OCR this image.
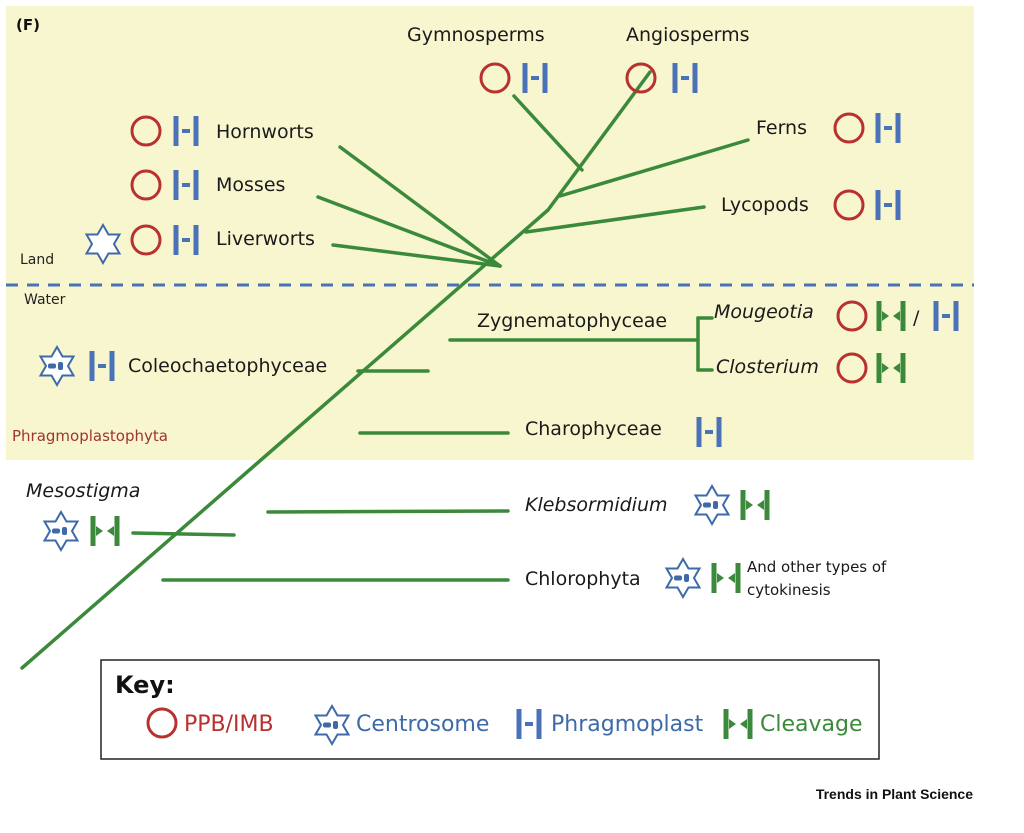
(F)
Land
Water
Phragmoplastophyta
Gymnosperms	Angiosperms
Hornworts
Mosses
Liverworts
Ferns
Lycopods
Zygnematophyceae Mougeotia	/
Closterium
Coleochaetophyceae
Charophyceae
Mesostigma
Klebsormidium
Chlorophyta
And other types of
cytokinesis
Key:
PPB/IMB	Centrosome	Phragmoplast	Cleavage
Trends in Plant Science
